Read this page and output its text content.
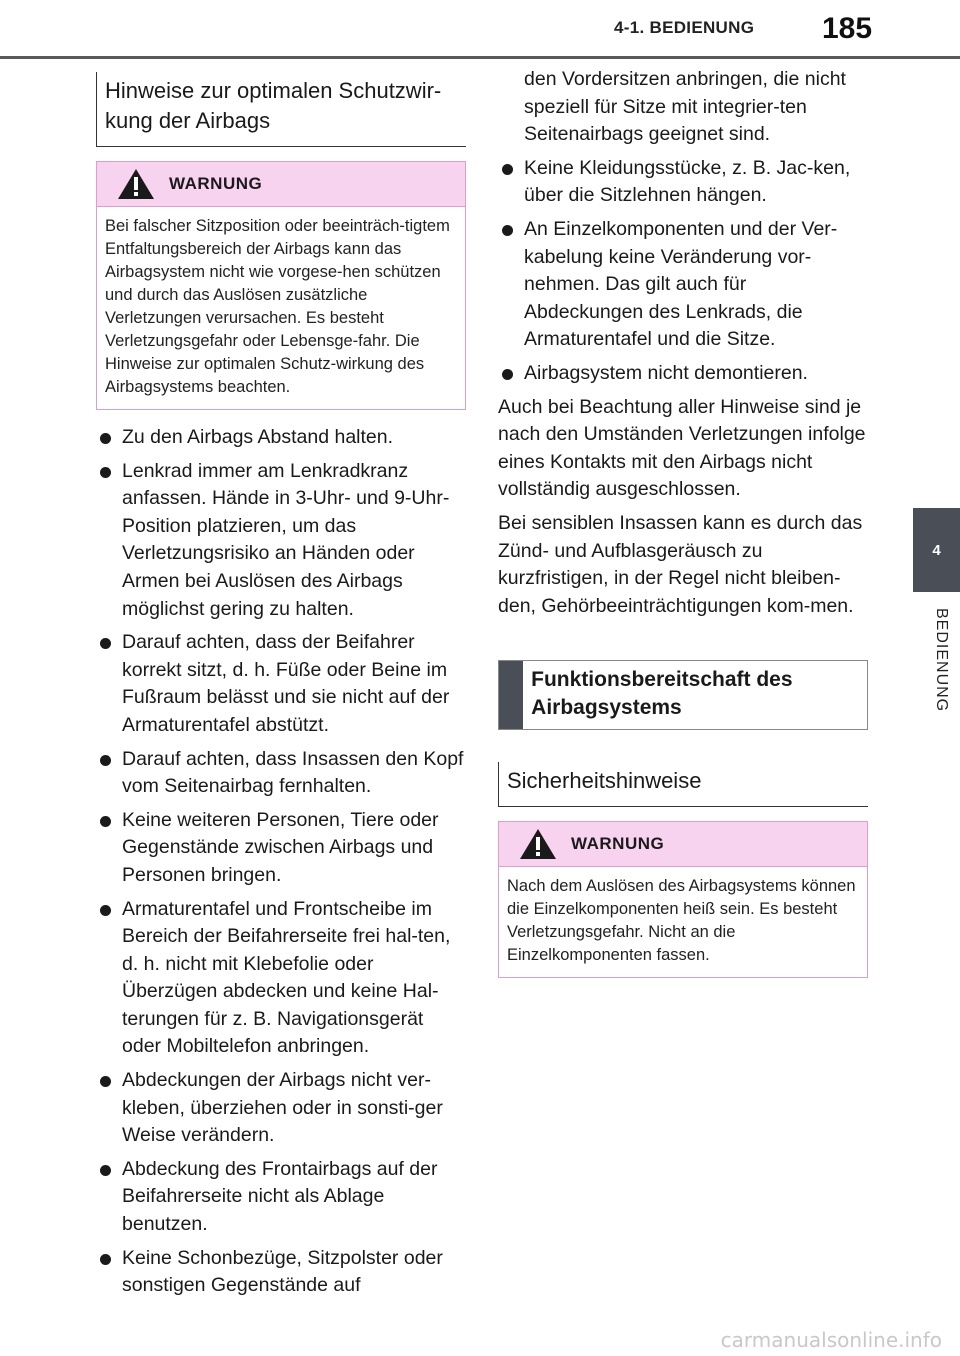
4-1. BEDIENUNG	185
4
BEDIENUNG
Hinweise zur optimalen Schutzwir-kung der Airbags
WARNUNG
Bei falscher Sitzposition oder beeinträch-tigtem Entfaltungsbereich der Airbags kann das Airbagsystem nicht wie vorgese-hen schützen und durch das Auslösen zusätzliche Verletzungen verursachen. Es besteht Verletzungsgefahr oder Lebensge-fahr. Die Hinweise zur optimalen Schutz-wirkung des Airbagsystems beachten.
Zu den Airbags Abstand halten.
Lenkrad immer am Lenkradkranz anfassen. Hände in 3-Uhr- und 9-Uhr-Position platzieren, um das Verletzungsrisiko an Händen oder Armen bei Auslösen des Airbags möglichst gering zu halten.
Darauf achten, dass der Beifahrer korrekt sitzt, d. h. Füße oder Beine im Fußraum belässt und sie nicht auf der Armaturentafel abstützt.
Darauf achten, dass Insassen den Kopf vom Seitenairbag fernhalten.
Keine weiteren Personen, Tiere oder Gegenstände zwischen Airbags und Personen bringen.
Armaturentafel und Frontscheibe im Bereich der Beifahrerseite frei hal-ten, d. h. nicht mit Klebefolie oder Überzügen abdecken und keine Hal-terungen für z. B. Navigationsgerät oder Mobiltelefon anbringen.
Abdeckungen der Airbags nicht ver-kleben, überziehen oder in sonsti-ger Weise verändern.
Abdeckung des Frontairbags auf der Beifahrerseite nicht als Ablage benutzen.
Keine Schonbezüge, Sitzpolster oder sonstigen Gegenstände auf
den Vordersitzen anbringen, die nicht speziell für Sitze mit integrier-ten Seitenairbags geeignet sind.
Keine Kleidungsstücke, z. B. Jac-ken, über die Sitzlehnen hängen.
An Einzelkomponenten und der Ver-kabelung keine Veränderung vor-nehmen. Das gilt auch für Abdeckungen des Lenkrads, die Armaturentafel und die Sitze.
Airbagsystem nicht demontieren.
Auch bei Beachtung aller Hinweise sind je nach den Umständen Verletzungen infolge eines Kontakts mit den Airbags nicht vollständig ausgeschlossen.
Bei sensiblen Insassen kann es durch das Zünd- und Aufblasgeräusch zu kurzfristigen, in der Regel nicht bleiben-den, Gehörbeeinträchtigungen kom-men.
Funktionsbereitschaft des Airbagsystems
Sicherheitshinweise
WARNUNG
Nach dem Auslösen des Airbagsystems können die Einzelkomponenten heiß sein. Es besteht Verletzungsgefahr. Nicht an die Einzelkomponenten fassen.
carmanualsonline.info
